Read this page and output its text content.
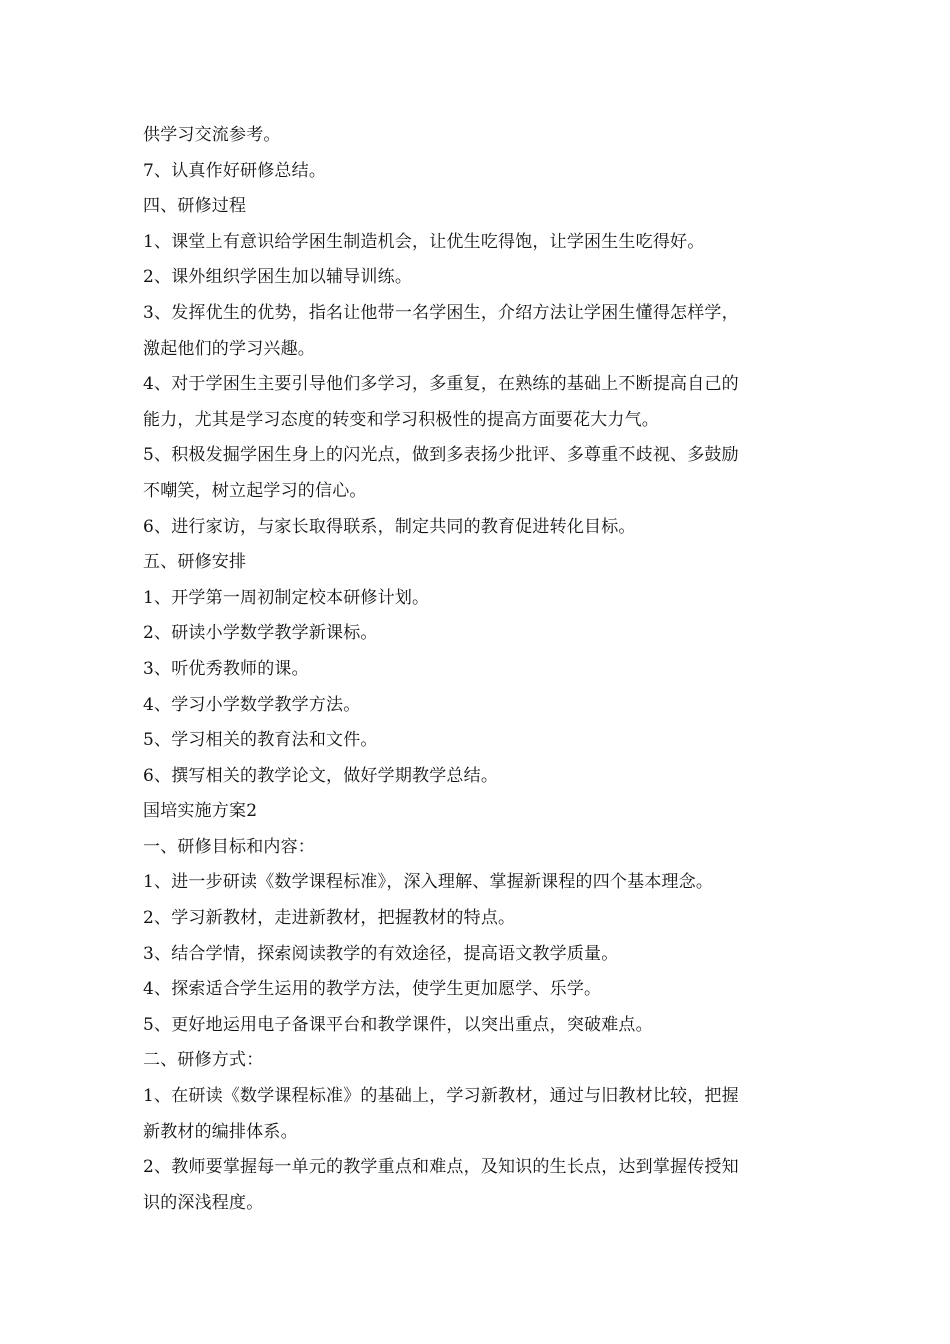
供学习交流参考。
7、认真作好研修总结。
四、研修过程
1、课堂上有意识给学困生制造机会，让优生吃得饱，让学困生生吃得好。
2、课外组织学困生加以辅导训练。
3、发挥优生的优势，指名让他带一名学困生，介绍方法让学困生懂得怎样学，
激起他们的学习兴趣。
4、对于学困生主要引导他们多学习，多重复，在熟练的基础上不断提高自己的
能力，尤其是学习态度的转变和学习积极性的提高方面要花大力气。
5、积极发掘学困生身上的闪光点，做到多表扬少批评、多尊重不歧视、多鼓励
不嘲笑，树立起学习的信心。
6、进行家访，与家长取得联系，制定共同的教育促进转化目标。
五、研修安排
1、开学第一周初制定校本研修计划。
2、研读小学数学教学新课标。
3、听优秀教师的课。
4、学习小学数学教学方法。
5、学习相关的教育法和文件。
6、撰写相关的教学论文，做好学期教学总结。
国培实施方案2
一、研修目标和内容：
1、进一步研读《数学课程标准》，深入理解、掌握新课程的四个基本理念。
2、学习新教材，走进新教材，把握教材的特点。
3、结合学情，探索阅读教学的有效途径，提高语文教学质量。
4、探索适合学生运用的教学方法，使学生更加愿学、乐学。
5、更好地运用电子备课平台和教学课件，以突出重点，突破难点。
二、研修方式：
1、在研读《数学课程标准》的基础上，学习新教材，通过与旧教材比较，把握
新教材的编排体系。
2、教师要掌握每一单元的教学重点和难点，及知识的生长点，达到掌握传授知
识的深浅程度。
